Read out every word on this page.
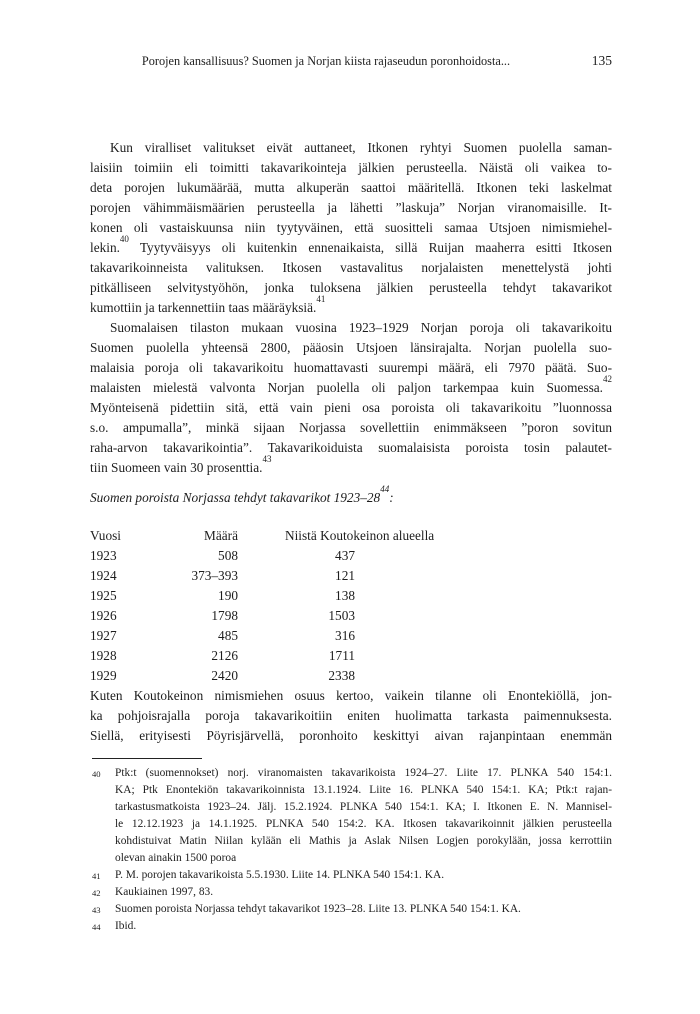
Porojen kansallisuus? Suomen ja Norjan kiista rajaseudun poronhoidosta...	135
Kun viralliset valitukset eivät auttaneet, Itkonen ryhtyi Suomen puolella saman-
laisiin toimiin eli toimitti takavarikointeja jälkien perusteella. Näistä oli vaikea to-
deta porojen lukumäärää, mutta alkuperän saattoi määritellä. Itkonen teki laskelmat
porojen vähimmäismäärien perusteella ja lähetti ”laskuja” Norjan viranomaisille. It-
konen oli vastaiskuunsa niin tyytyväinen, että suositteli samaa Utsjoen nimismiehel-
lekin.$^{40}$ Tyytyväisyys oli kuitenkin ennenaikaista, sillä Ruijan maaherra esitti Itkosen
takavarikoinneista valituksen. Itkosen vastavalitus norjalaisten menettelystä johti
pitkälliseen selvitystyöhön, jonka tuloksena jälkien perusteella tehdyt takavarikot
kumottiin ja tarkennettiin taas määräyksiä.$^{41}$
Suomalaisen tilaston mukaan vuosina 1923–1929 Norjan poroja oli takavarikoitu
Suomen puolella yhteensä 2800, pääosin Utsjoen länsirajalta. Norjan puolella suo-
malaisia poroja oli takavarikoitu huomattavasti suurempi määrä, eli 7970 päätä. Suo-
malaisten mielestä valvonta Norjan puolella oli paljon tarkempaa kuin Suomessa.$^{42}$
Myönteisenä pidettiin sitä, että vain pieni osa poroista oli takavarikoitu ”luonnossa
s.o. ampumalla”, minkä sijaan Norjassa sovellettiin enimmäkseen ”poron sovitun
raha-arvon takavarikointia”. Takavarikoiduista suomalaisista poroista tosin palautet-
tiin Suomeen vain 30 prosenttia.$^{43}$
Suomen poroista Norjassa tehdyt takavarikot 1923–28$^{44}$:
Vuosi	Määrä	Niistä Koutokeinon alueella
1923	508	437
1924	373–393	121
1925	190	138
1926	1798	1503
1927	485	316
1928	2126	1711
1929	2420	2338
Kuten Koutokeinon nimismiehen osuus kertoo, vaikein tilanne oli Enontekiöllä, jon-
ka pohjoisrajalla poroja takavarikoitiin eniten huolimatta tarkasta paimennuksesta.
Siellä, erityisesti Pöyrisjärvellä, poronhoito keskittyi aivan rajanpintaan enemmän
40 Ptk:t (suomennokset) norj. viranomaisten takavarikoista 1924–27. Liite 17. PLNKA 540 154:1.
KA; Ptk Enontekiön takavarikoinnista 13.1.1924. Liite 16. PLNKA 540 154:1. KA; Ptk:t rajan-
tarkastusmatkoista 1923–24. Jälj. 15.2.1924. PLNKA 540 154:1. KA; I. Itkonen E. N. Mannisel-
le 12.12.1923 ja 14.1.1925. PLNKA 540 154:2. KA. Itkosen takavarikoinnit jälkien perusteella
kohdistuivat Matin Niilan kylään eli Mathis ja Aslak Nilsen Logjen porokylään, jossa kerrottiin
olevan ainakin 1500 poroa
41 P. M. porojen takavarikoista 5.5.1930. Liite 14. PLNKA 540 154:1. KA.
42 Kaukiainen 1997, 83.
43 Suomen poroista Norjassa tehdyt takavarikot 1923–28. Liite 13. PLNKA 540 154:1. KA.
44 Ibid.
